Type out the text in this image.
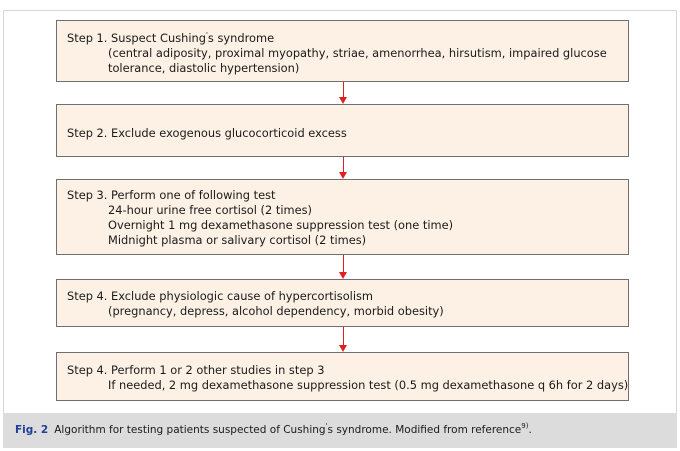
Step 1. Suspect Cushing's syndrome
(central adiposity, proximal myopathy, striae, amenorrhea, hirsutism, impaired glucose tolerance, diastolic hypertension)
Step 2. Exclude exogenous glucocorticoid excess
Step 3. Perform one of following test
24-hour urine free cortisol (2 times)
Overnight 1 mg dexamethasone suppression test (one time)
Midnight plasma or salivary cortisol (2 times)
Step 4. Exclude physiologic cause of hypercortisolism
(pregnancy, depress, alcohol dependency, morbid obesity)
Step 4. Perform 1 or 2 other studies in step 3
If needed, 2 mg dexamethasone suppression test (0.5 mg dexamethasone q 6h for 2 days)
Fig. 2 Algorithm for testing patients suspected of Cushing's syndrome. Modified from reference$^{9)}$.
